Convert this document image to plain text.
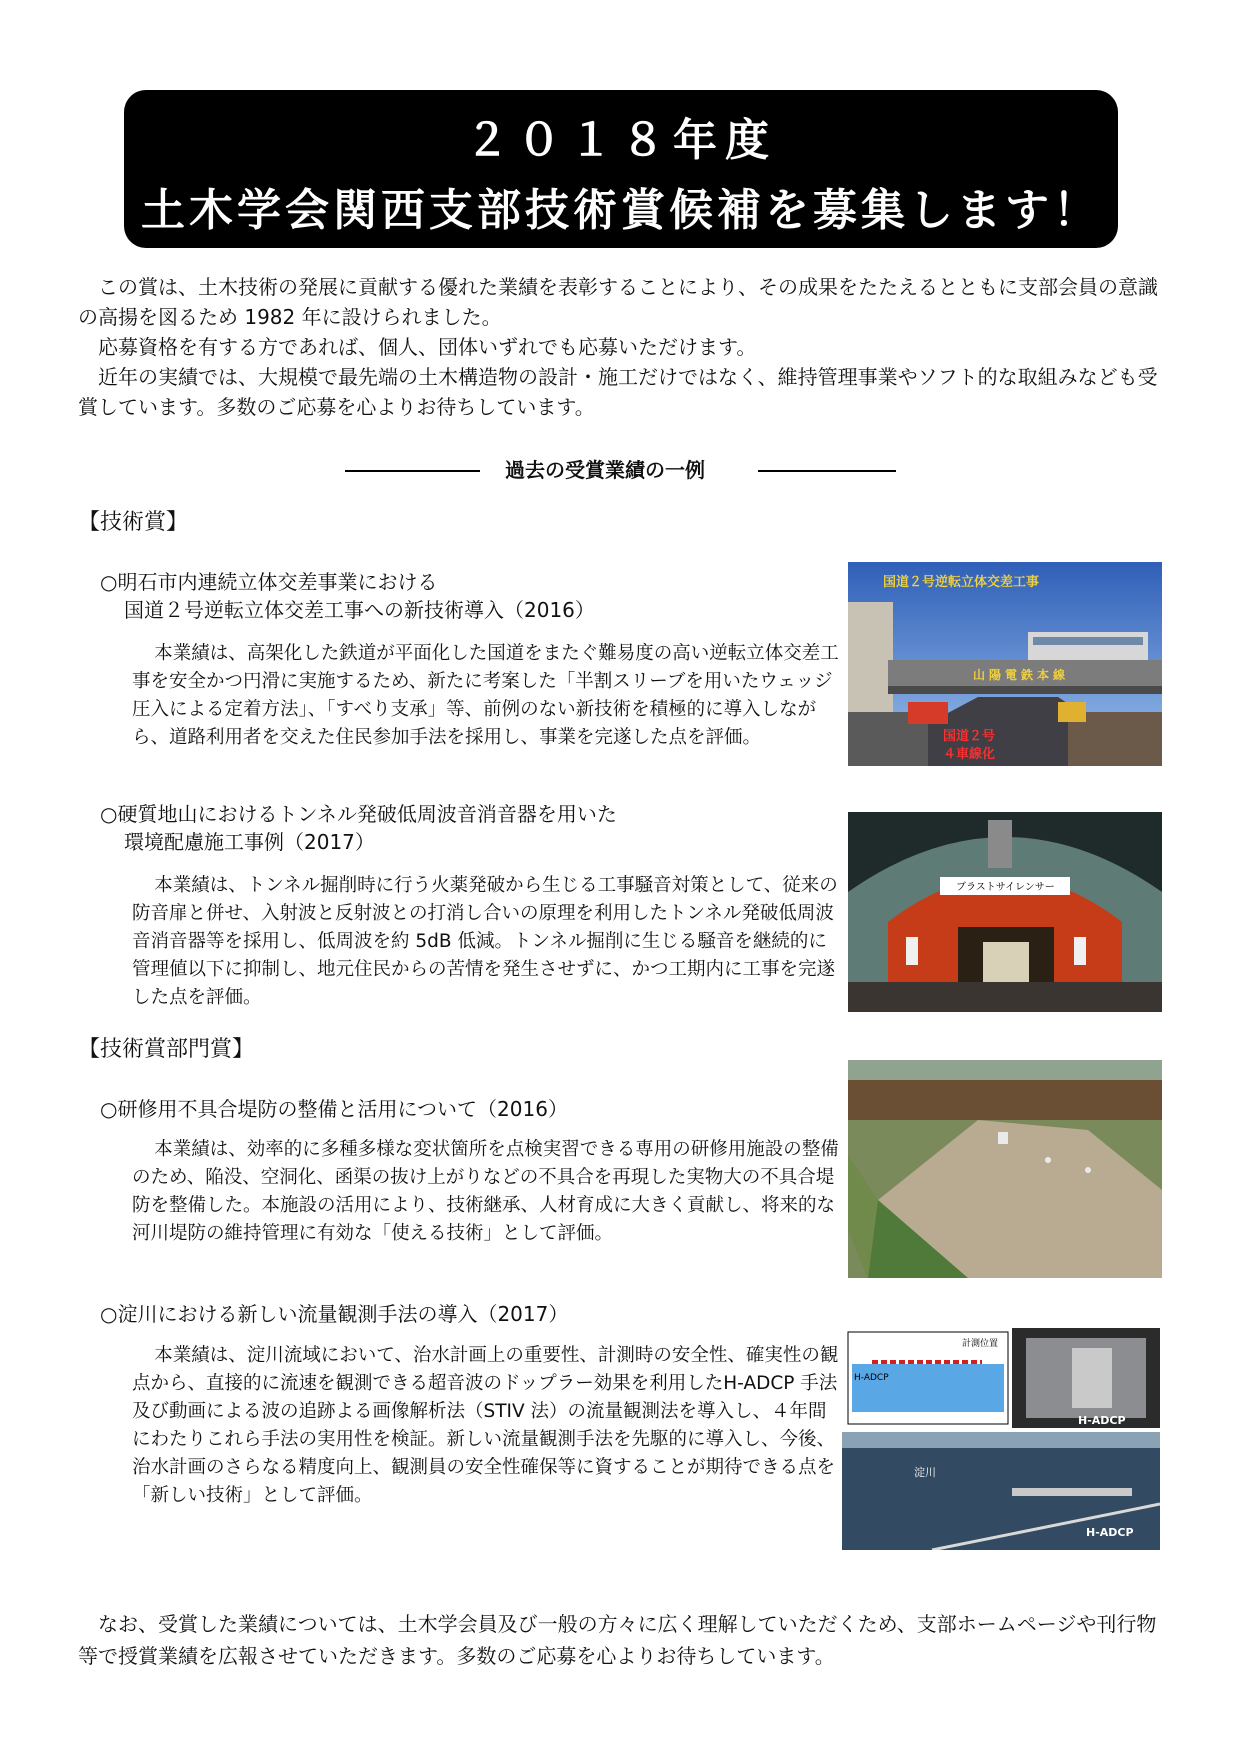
２０１８年度
土木学会関西支部技術賞候補を募集します！

この賞は、土木技術の発展に貢献する優れた業績を表彰することにより、その成果をたたえるとともに支部会員の意識の高揚を図るため 1982 年に設けられました。

応募資格を有する方であれば、個人、団体いずれでも応募いただけます。

近年の実績では、大規模で最先端の土木構造物の設計・施工だけではなく、維持管理事業やソフト的な取組みなども受賞しています。多数のご応募を心よりお待ちしています。

過去の受賞業績の一例
【技術賞】
○明石市内連続立体交差事業における
国道２号逆転立体交差工事への新技術導入（2016）
本業績は、高架化した鉄道が平面化した国道をまたぐ難易度の高い逆転立体交差工事を安全かつ円滑に実施するため、新たに考案した「半割スリーブを用いたウェッジ圧入による定着方法」、「すべり支承」等、前例のない新技術を積極的に導入しながら、道路利用者を交えた住民参加手法を採用し、事業を完遂した点を評価。
国道２号逆転立体交差工事
山陽電鉄本線
国道２号
４車線化
○硬質地山におけるトンネル発破低周波音消音器を用いた
環境配慮施工事例（2017）
本業績は、トンネル掘削時に行う火薬発破から生じる工事騒音対策として、従来の防音扉と併せ、入射波と反射波との打消し合いの原理を利用したトンネル発破低周波音消音器等を採用し、低周波を約 5dB 低減。トンネル掘削に生じる騒音を継続的に管理値以下に抑制し、地元住民からの苦情を発生させずに、かつ工期内に工事を完遂した点を評価。
ブラストサイレンサー
【技術賞部門賞】
○研修用不具合堤防の整備と活用について（2016）
本業績は、効率的に多種多様な変状箇所を点検実習できる専用の研修用施設の整備のため、陥没、空洞化、函渠の抜け上がりなどの不具合を再現した実物大の不具合堤防を整備した。本施設の活用により、技術継承、人材育成に大きく貢献し、将来的な河川堤防の維持管理に有効な「使える技術」として評価。
○淀川における新しい流量観測手法の導入（2017）
本業績は、淀川流域において、治水計画上の重要性、計測時の安全性、確実性の観点から、直接的に流速を観測できる超音波のドップラー効果を利用したH-ADCP 手法及び動画による波の追跡よる画像解析法（STIV 法）の流量観測法を導入し、４年間にわたりこれら手法の実用性を検証。新しい流量観測手法を先駆的に導入し、今後、治水計画のさらなる精度向上、観測員の安全性確保等に資することが期待できる点を「新しい技術」として評価。
計測位置
H-ADCP
H-ADCP
淀川
H-ADCP

なお、受賞した業績については、土木学会員及び一般の方々に広く理解していただくため、支部ホームページや刊行物等で授賞業績を広報させていただきます。多数のご応募を心よりお待ちしています。
